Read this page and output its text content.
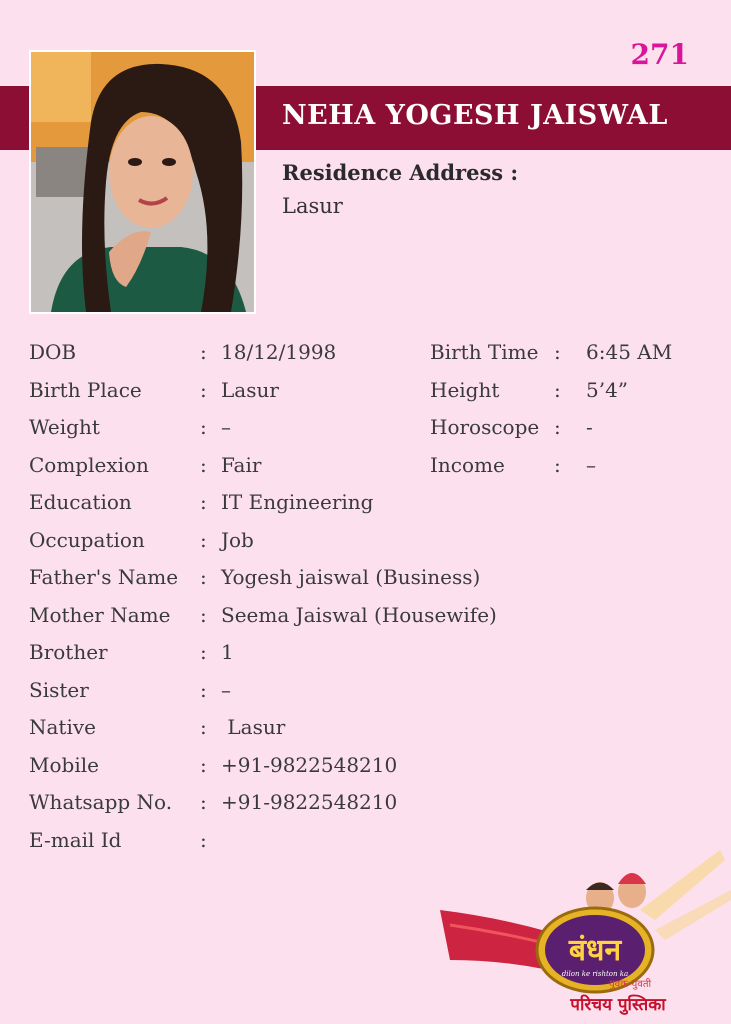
271
NEHA YOGESH JAISWAL
Residence Address :
Lasur
DOB	: 18/12/1998	Birth Time : 6:45 AM
Birth Place	: Lasur	Height	: 5’4”
Weight	: –	Horoscope : -
Complexion	: Fair	Income : –
Education	: IT Engineering
Occupation	: Job
Father's Name : Yogesh jaiswal (Business)
Mother Name : Seema Jaiswal (Housewife)
Brother	: 1
Sister	: –
Native	: Lasur
Mobile	: +91-9822548210
Whatsapp No. : +91-9822548210
E-mail Id	:
बंधन
dilon ke rishton ka
युवक-युवती
परिचय पुस्तिका
